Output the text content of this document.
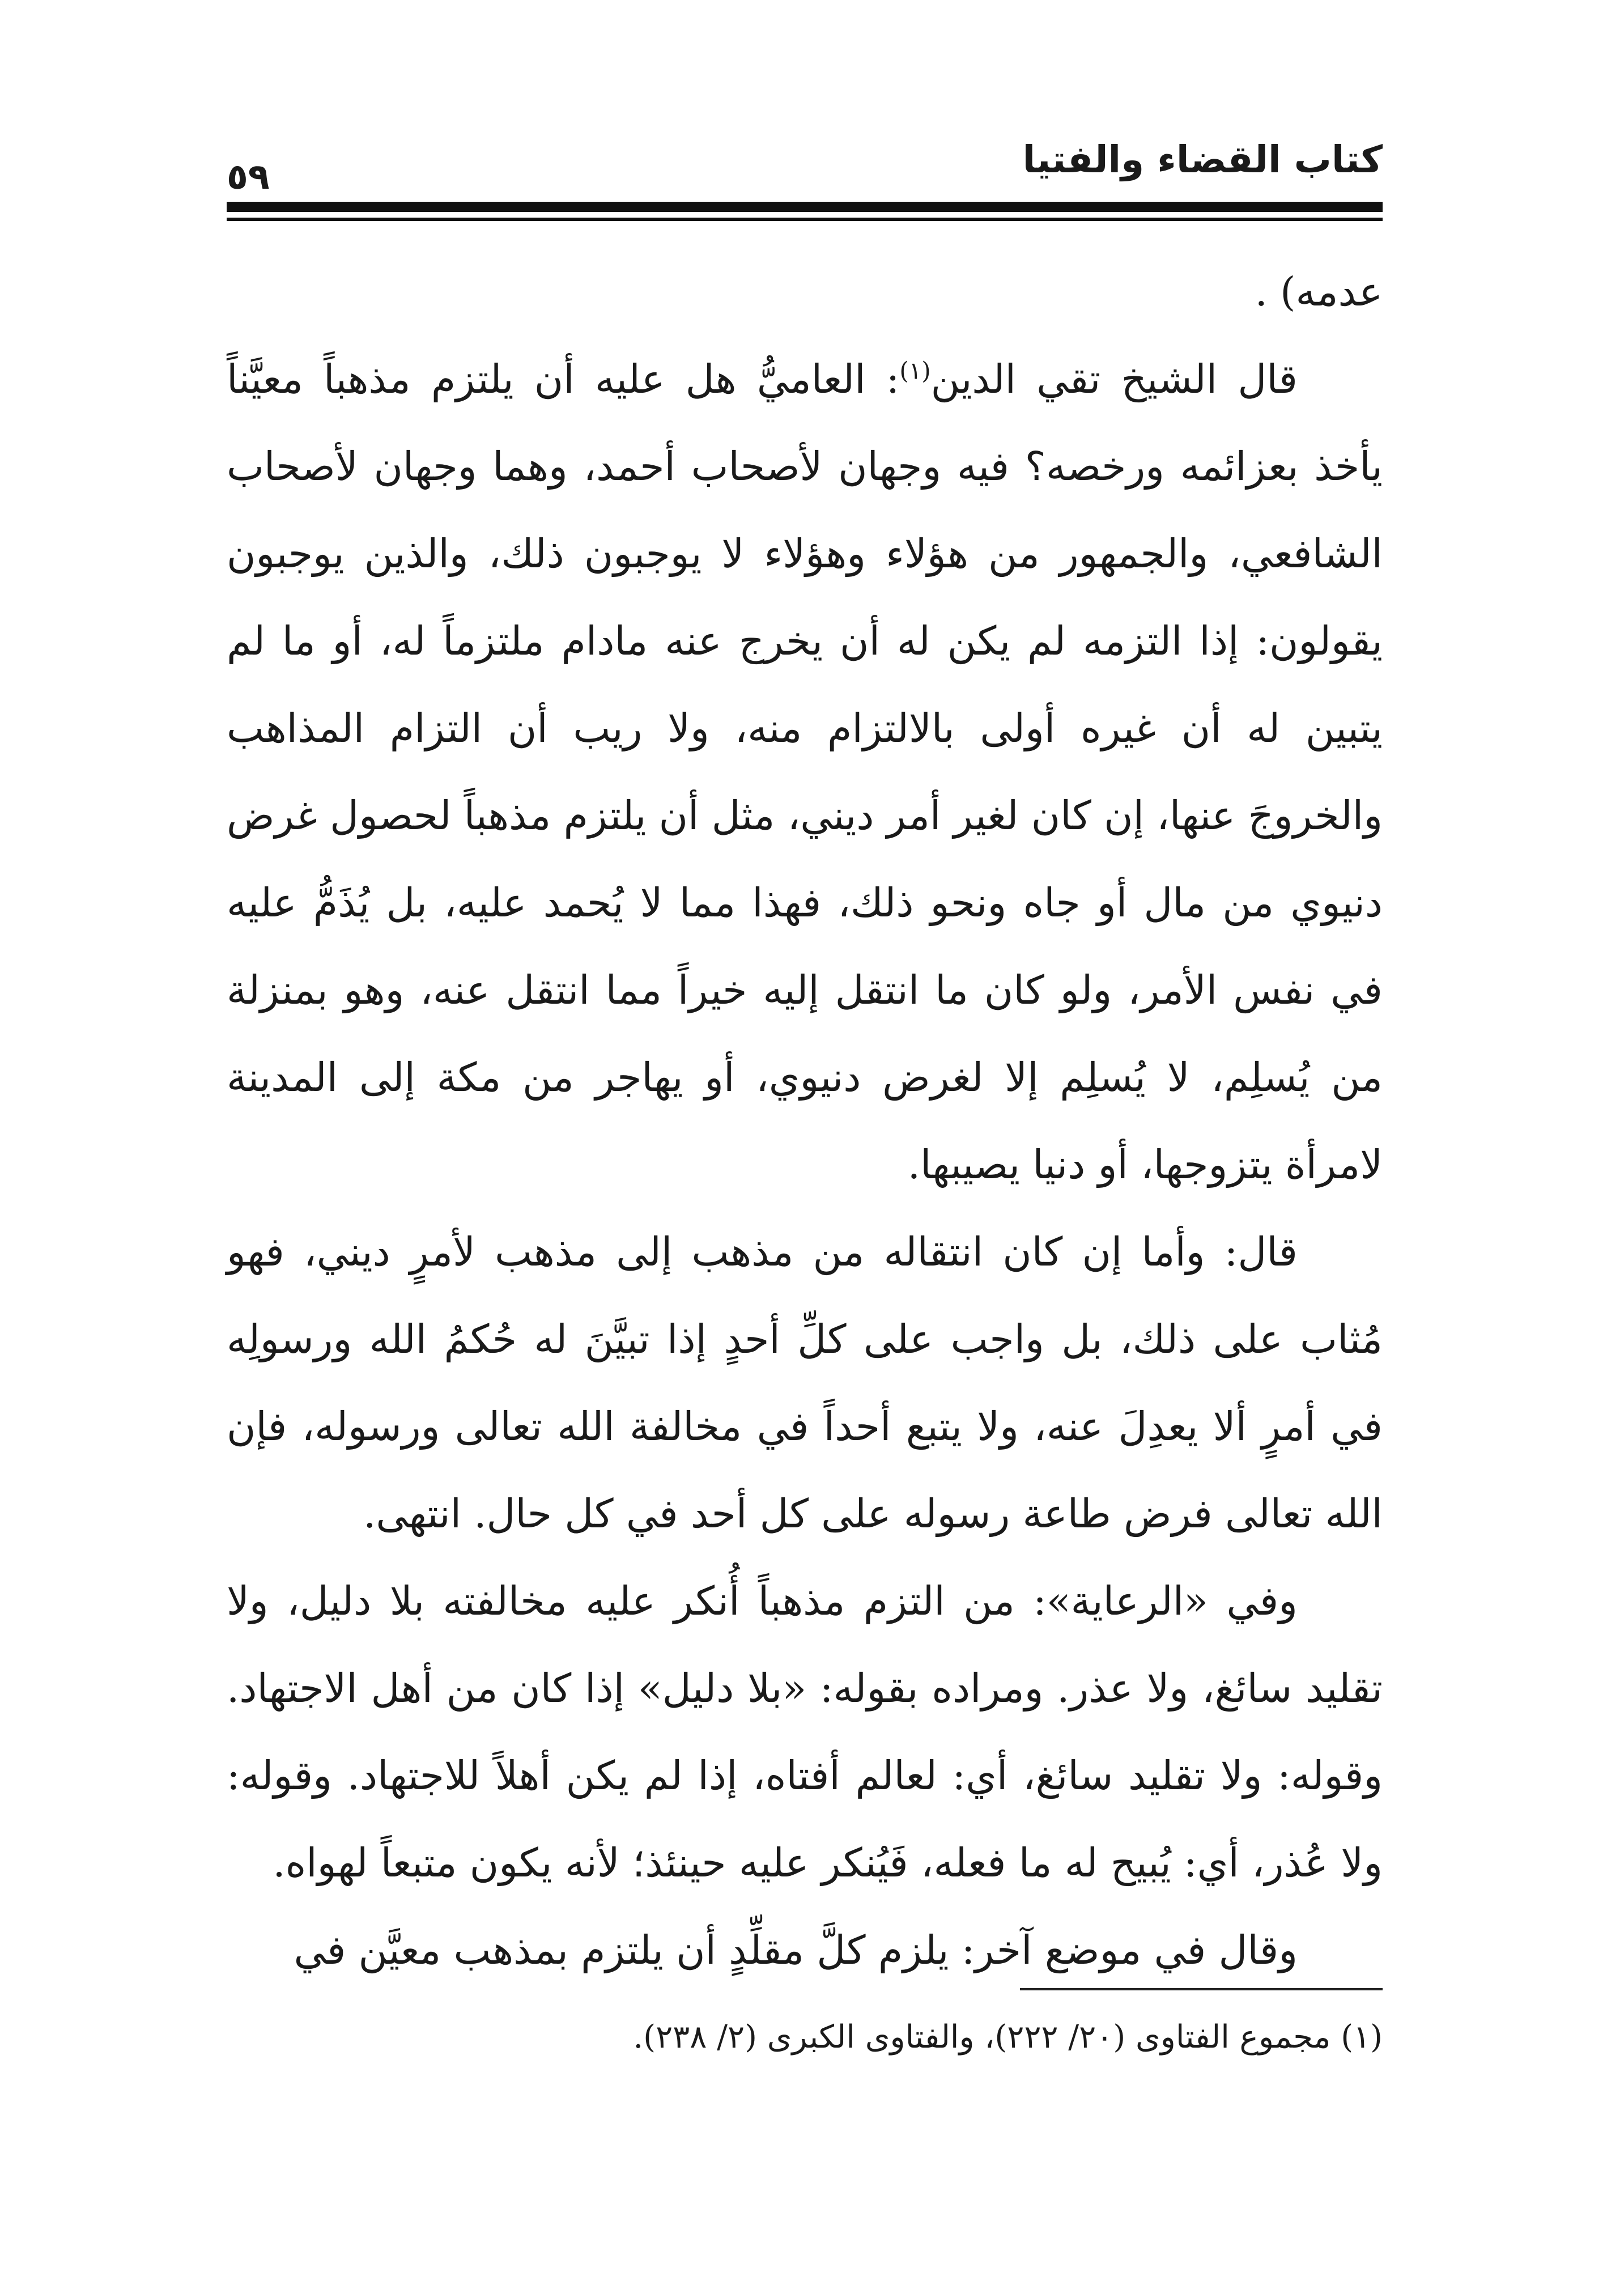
كتاب القضاء والفتيا
٥٩

عدمه) .

قال الشيخ تقي الدين$^{(١)}$: العاميُّ هل عليه أن يلتزم مذهباً معيَّناً يأخذ بعزائمه ورخصه؟ فيه وجهان لأصحاب أحمد، وهما وجهان لأصحاب الشافعي، والجمهور من هؤلاء وهؤلاء لا يوجبون ذلك، والذين يوجبون يقولون: إذا التزمه لم يكن له أن يخرج عنه مادام ملتزماً له، أو ما لم يتبين له أن غيره أولى بالالتزام منه، ولا ريب أن التزام المذاهب والخروجَ عنها، إن كان لغير أمر ديني، مثل أن يلتزم مذهباً لحصول غرض دنيوي من مال أو جاه ونحو ذلك، فهذا مما لا يُحمد عليه، بل يُذَمُّ عليه في نفس الأمر، ولو كان ما انتقل إليه خيراً مما انتقل عنه، وهو بمنزلة من يُسلِم، لا يُسلِم إلا لغرض دنيوي، أو يهاجر من مكة إلى المدينة لامرأة يتزوجها، أو دنيا يصيبها.

قال: وأما إن كان انتقاله من مذهب إلى مذهب لأمرٍ ديني، فهو مُثاب على ذلك، بل واجب على كلِّ أحدٍ إذا تبيَّنَ له حُكمُ الله ورسولِه في أمرٍ ألا يعدِلَ عنه، ولا يتبع أحداً في مخالفة الله تعالى ورسوله، فإن الله تعالى فرض طاعة رسوله على كل أحد في كل حال. انتهى.

وفي «الرعاية»: من التزم مذهباً أُنكر عليه مخالفته بلا دليل، ولا تقليد سائغ، ولا عذر. ومراده بقوله: «بلا دليل» إذا كان من أهل الاجتهاد. وقوله: ولا تقليد سائغ، أي: لعالم أفتاه، إذا لم يكن أهلاً للاجتهاد. وقوله: ولا عُذر، أي: يُبيح له ما فعله، فَيُنكر عليه حينئذ؛ لأنه يكون متبعاً لهواه.

وقال في موضع آخر: يلزم كلَّ مقلِّدٍ أن يلتزم بمذهب معيَّن في

(١) مجموع الفتاوى (٢٠/ ٢٢٢)، والفتاوى الكبرى (٢/ ٢٣٨).
